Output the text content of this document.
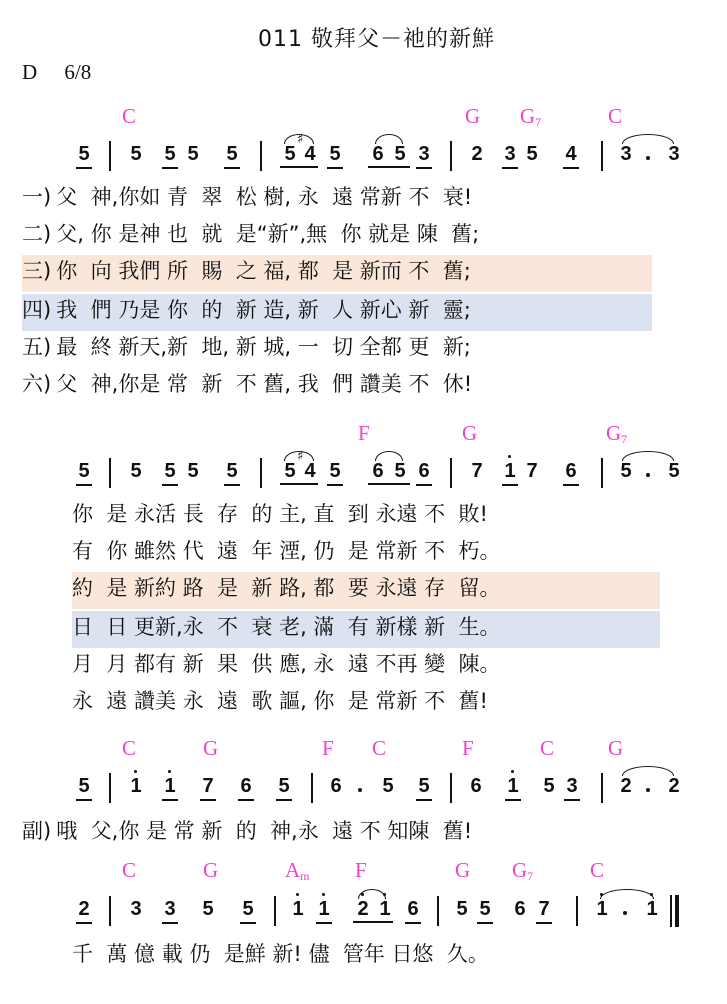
011 敬拜父－祂的新鮮
D 6/8
C	G $G_7$	C
5 5 5 5 5
♯
5 4 5 6 5 3 2 3 5 4 3 3
一) 父  神,你如 青  翠  松 樹, 永  遠 常新 不  衰!
二) 父, 你 是神 也  就  是“新”,無  你 就是 陳  舊;
三) 你  向 我們 所  賜  之 福, 都  是 新而 不  舊;
四) 我  們 乃是 你  的  新 造, 新  人 新心 新  靈;
五) 最  終 新天,新  地, 新 城, 一  切 全都 更  新;
六) 父  神,你是 常  新  不 舊, 我  們 讚美 不  休!
F	G	$G_7$
5 5 5 5 5
♯
5 4 5 6 5 6 7 1 7 6 5 5
你  是 永活 長  存  的 主, 直  到 永遠 不  敗!
有  你 雖然 代  遠  年 湮, 仍  是 常新 不  朽。
約  是 新約 路  是  新 路, 都  要 永遠 存  留。
日  日 更新,永  不  衰 老, 滿  有 新樣 新  生。
月  月 都有 新  果  供 應, 永  遠 不再 變  陳。
永  遠 讚美 永  遠  歌 謳, 你  是 常新 不  舊!
C	G	F C	F	C	G
5 1 1 7 6 5 6 5 5 6 1 5 3 2 2
副) 哦  父,你 是 常 新  的  神,永  遠 不 知陳  舊!
C	G	$A_m$ F	G $G_7$	C
2 3 3 5 5 1 1 2 1 6 5 5 6 7 1 1
千  萬 億 載 仍  是鮮 新! 儘  管年 日悠  久。
